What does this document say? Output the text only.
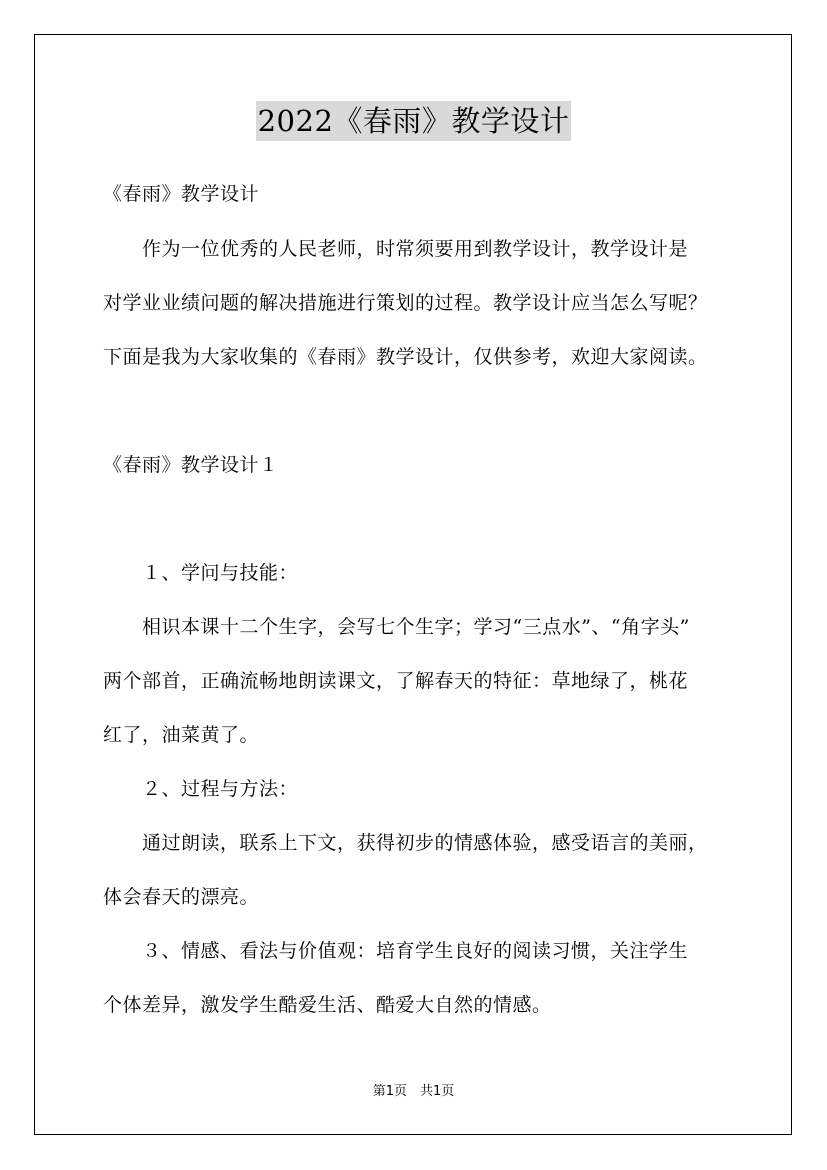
2022《春雨》教学设计
《春雨》教学设计
　　作为一位优秀的人民老师，时常须要用到教学设计，教学设计是
对学业业绩问题的解决措施进行策划的过程。教学设计应当怎么写呢？
下面是我为大家收集的《春雨》教学设计，仅供参考，欢迎大家阅读。
《春雨》教学设计１
　　１、学问与技能：
　　相识本课十二个生字，会写七个生字；学习“三点水”、“角字头”
两个部首，正确流畅地朗读课文，了解春天的特征：草地绿了，桃花
红了，油菜黄了。
　　２、过程与方法：
　　通过朗读，联系上下文，获得初步的情感体验，感受语言的美丽，
体会春天的漂亮。
　　３、情感、看法与价值观：培育学生良好的阅读习惯，关注学生
个体差异，激发学生酷爱生活、酷爱大自然的情感。
第1页　共1页
